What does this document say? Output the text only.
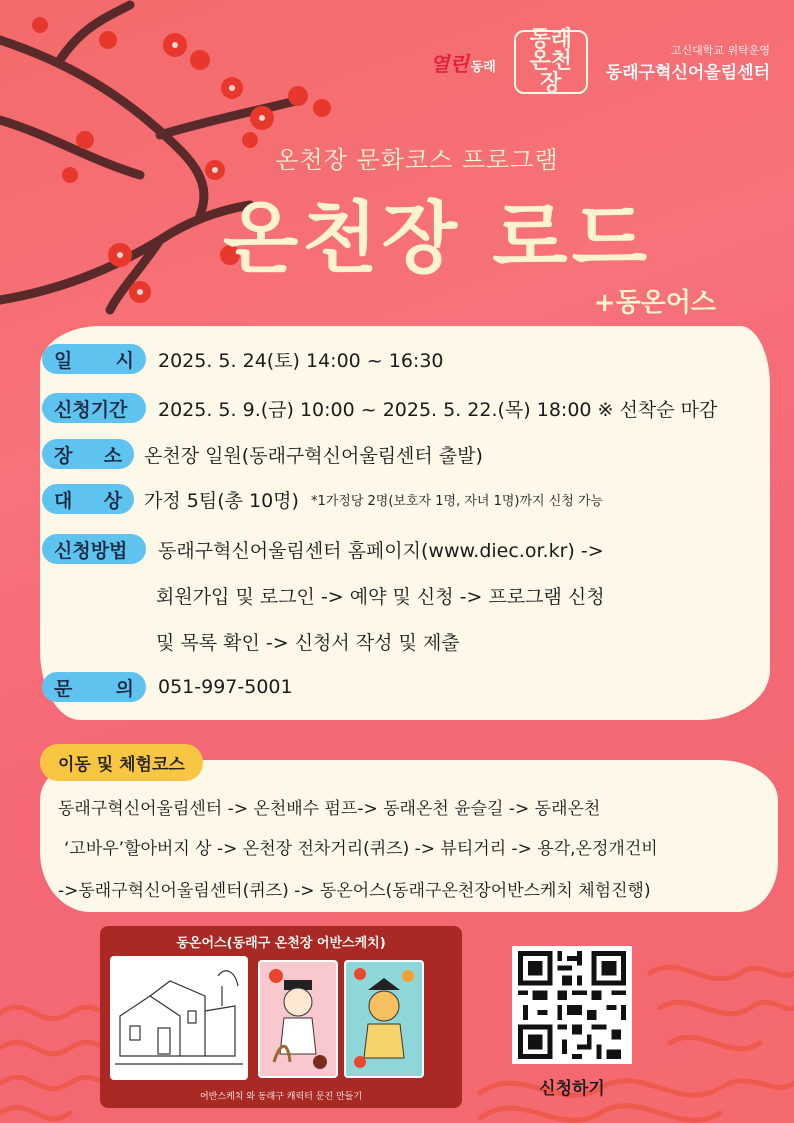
열린 동래
동래 온천장
고신대학교 위탁운영
동래구혁신어울림센터
온천장 문화코스 프로그램
온천장 로드
+동온어스
일 시 2025. 5. 24(토) 14:00 ~ 16:30
신청기간	2025. 5. 9.(금) 10:00 ~ 2025. 5. 22.(목) 18:00 ※ 선착순 마감
장 소 온천장 일원(동래구혁신어울림센터 출발)
대 상 가정 5팀(총 10명) *1가정당 2명(보호자 1명, 자녀 1명)까지 신청 가능
신청방법	동래구혁신어울림센터 홈페이지(www.diec.or.kr) ->
회원가입 및 로그인 -> 예약 및 신청 -> 프로그램 신청
및 목록 확인 -> 신청서 작성 및 제출
문 의 051-997-5001
이동 및 체험코스
동래구혁신어울림센터 -> 온천배수 펌프-> 동래온천 윤슬길 -> 동래온천
‘고바우’할아버지 상 -> 온천장 전차거리(퀴즈) -> 뷰티거리 -> 용각,온정개건비
->동래구혁신어울림센터(퀴즈) -> 동온어스(동래구온천장어반스케치 체험진행)
동온어스(동래구 온천장 어반스케치)
어반스케치 와 동래구 캐릭터 문진 만들기	신청하기
